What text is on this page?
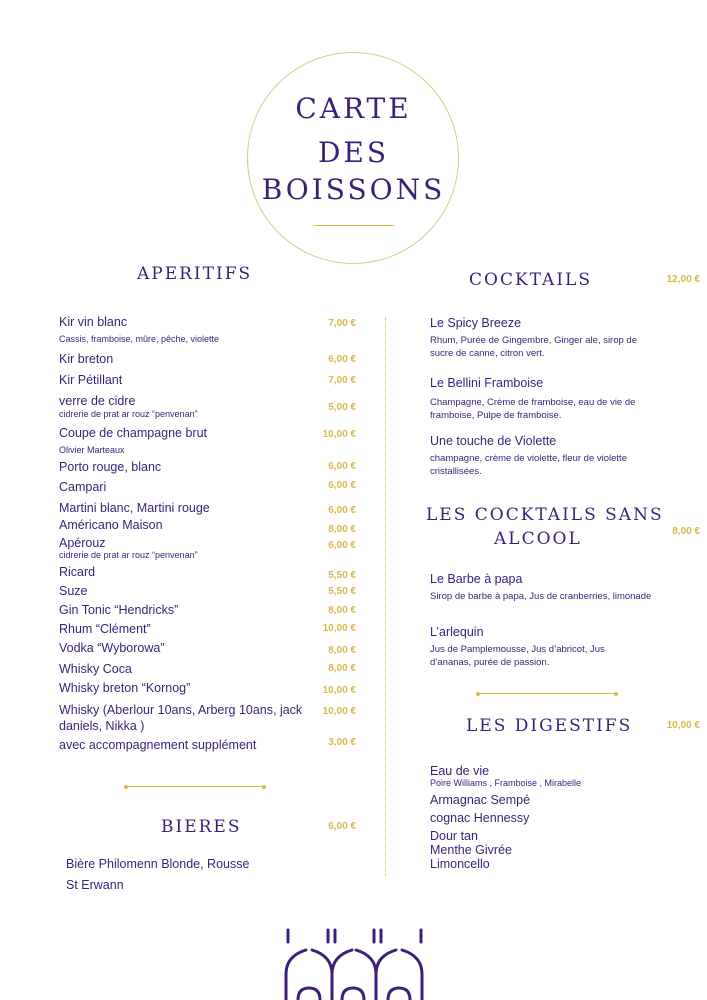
CARTE
DES
BOISSONS
APERITIFS
Kir vin blanc	7,00 €
Cassis, framboise, mûre, pêche, violette
Kir breton	6,00 €
Kir Pétillant	7,00 €
verre de cidre	5,00 €
cidrerie de prat ar rouz “penvenan”
Coupe de champagne brut	10,00 €
Olivier Marteaux
Porto rouge, blanc	6,00 €
Campari	6,00 €
Martini blanc, Martini rouge	6,00 €
Américano Maison	8,00 €
Apérouz	6,00 €
cidrerie de prat ar rouz “penvenan”
Ricard	5,50 €
Suze	5,50 €
Gin Tonic “Hendricks”	8,00 €
Rhum “Clément”	10,00 €
Vodka “Wyborowa”	8,00 €
Whisky Coca	8,00 €
Whisky breton “Kornog”	10,00 €
Whisky (Aberlour 10ans, Arberg 10ans, jack daniels, Nikka )
10,00 €
avec accompagnement supplément	3,00 €
BIERES	6,00 €
Bière Philomenn Blonde, Rousse
St Erwann
COCKTAILS	12,00 €
Le Spicy Breeze
Rhum, Purée de Gingembre, Ginger ale, sirop de sucre de canne, citron vert.
Le Bellini Framboise
Champagne, Crème de framboise, eau de vie de framboise, Pulpe de framboise.
Une touche de Violette
champagne, crème de violette, fleur de violette cristallisées.
LES COCKTAILS SANS
ALCOOL	8,00 €
Le Barbe à papa
Sirop de barbe à papa, Jus de cranberries, limonade
L’arlequin
Jus de Pamplemousse, Jus d’abricot, Jus d’ananas, purée de passion.
LES DIGESTIFS	10,00 €
Eau de vie
Poire Williams , Framboise , Mirabelle
Armagnac Sempé
cognac Hennessy
Dour tan
Menthe Givrée
Limoncello
